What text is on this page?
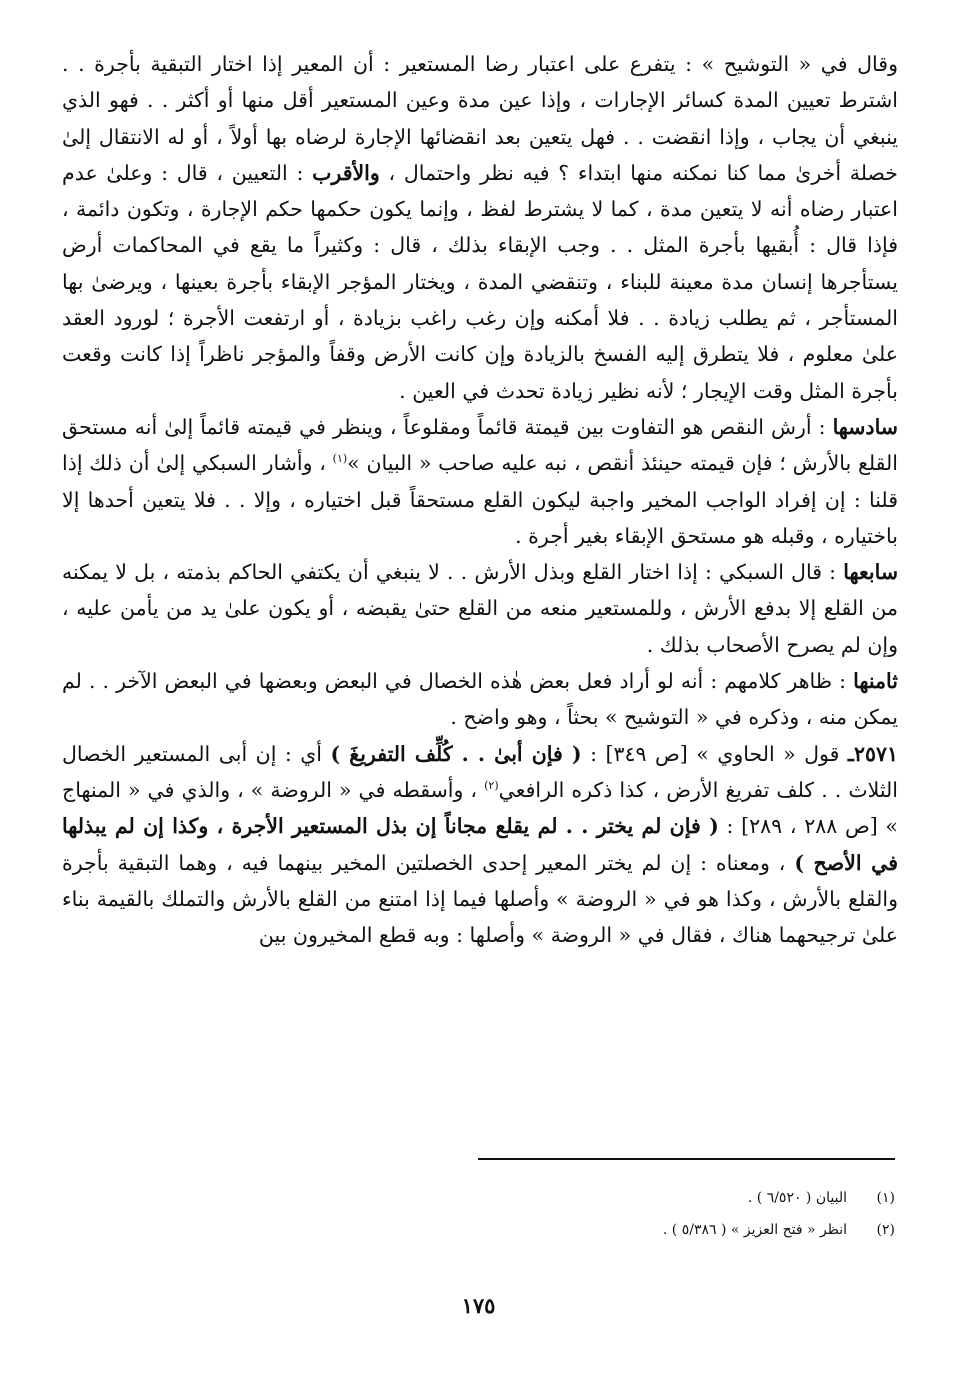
وقال في « التوشيح » : يتفرع على اعتبار رضا المستعير : أن المعير إذا اختار التبقية بأجرة . . اشترط تعيين المدة كسائر الإجارات ، وإذا عين مدة وعين المستعير أقل منها أو أكثر . . فهو الذي ينبغي أن يجاب ، وإذا انقضت . . فهل يتعين بعد انقضائها الإجارة لرضاه بها أولاً ، أو له الانتقال إلىٰ خصلة أخرىٰ مما كنا نمكنه منها ابتداء ؟ فيه نظر واحتمال ، والأقرب : التعيين ، قال : وعلىٰ عدم اعتبار رضاه أنه لا يتعين مدة ، كما لا يشترط لفظ ، وإنما يكون حكمها حكم الإجارة ، وتكون دائمة ، فإذا قال : أُبقيها بأجرة المثل . . وجب الإبقاء بذلك ، قال : وكثيراً ما يقع في المحاكمات أرض يستأجرها إنسان مدة معينة للبناء ، وتنقضي المدة ، ويختار المؤجر الإبقاء بأجرة بعينها ، ويرضىٰ بها المستأجر ، ثم يطلب زيادة . . فلا أمكنه وإن رغب راغب بزيادة ، أو ارتفعت الأجرة ؛ لورود العقد علىٰ معلوم ، فلا يتطرق إليه الفسخ بالزيادة وإن كانت الأرض وقفاً والمؤجر ناظراً إذا كانت وقعت بأجرة المثل وقت الإيجار ؛ لأنه نظير زيادة تحدث في العين .

سادسها : أرش النقص هو التفاوت بين قيمتة قائماً ومقلوعاً ، وينظر في قيمته قائماً إلىٰ أنه مستحق القلع بالأرش ؛ فإن قيمته حينئذ أنقص ، نبه عليه صاحب « البيان »$^{(١)}$ ، وأشار السبكي إلىٰ أن ذلك إذا قلنا : إن إفراد الواجب المخير واجبة ليكون القلع مستحقاً قبل اختياره ، وإلا . . فلا يتعين أحدها إلا باختياره ، وقبله هو مستحق الإبقاء بغير أجرة .

سابعها : قال السبكي : إذا اختار القلع وبذل الأرش . . لا ينبغي أن يكتفي الحاكم بذمته ، بل لا يمكنه من القلع إلا بدفع الأرش ، وللمستعير منعه من القلع حتىٰ يقبضه ، أو يكون علىٰ يد من يأمن عليه ، وإن لم يصرح الأصحاب بذلك .

ثامنها : ظاهر كلامهم : أنه لو أراد فعل بعض هٰذه الخصال في البعض وبعضها في البعض الآخر . . لم يمكن منه ، وذكره في « التوشيح » بحثاً ، وهو واضح .

٢٥٧١ـ قول « الحاوي » [ص ٣٤٩] : ( فإن أبىٰ . . كُلِّف التفريغَ ) أي : إن أبى المستعير الخصال الثلاث . . كلف تفريغ الأرض ، كذا ذكره الرافعي$^{(٢)}$ ، وأسقطه في « الروضة » ، والذي في « المنهاج » [ص ٢٨٨ ، ٢٨٩] : ( فإن لم يختر . . لم يقلع مجاناً إن بذل المستعير الأجرة ، وكذا إن لم يبذلها في الأصح ) ، ومعناه : إن لم يختر المعير إحدى الخصلتين المخير بينهما فيه ، وهما التبقية بأجرة والقلع بالأرش ، وكذا هو في « الروضة » وأصلها فيما إذا امتنع من القلع بالأرش والتملك بالقيمة بناء علىٰ ترجيحهما هناك ، فقال في « الروضة » وأصلها : وبه قطع المخيرون بين

(١)
البيان ( ٦/٥٢٠ ) .
(٢)
انظر « فتح العزيز » ( ٥/٣٨٦ ) .
١٧٥
